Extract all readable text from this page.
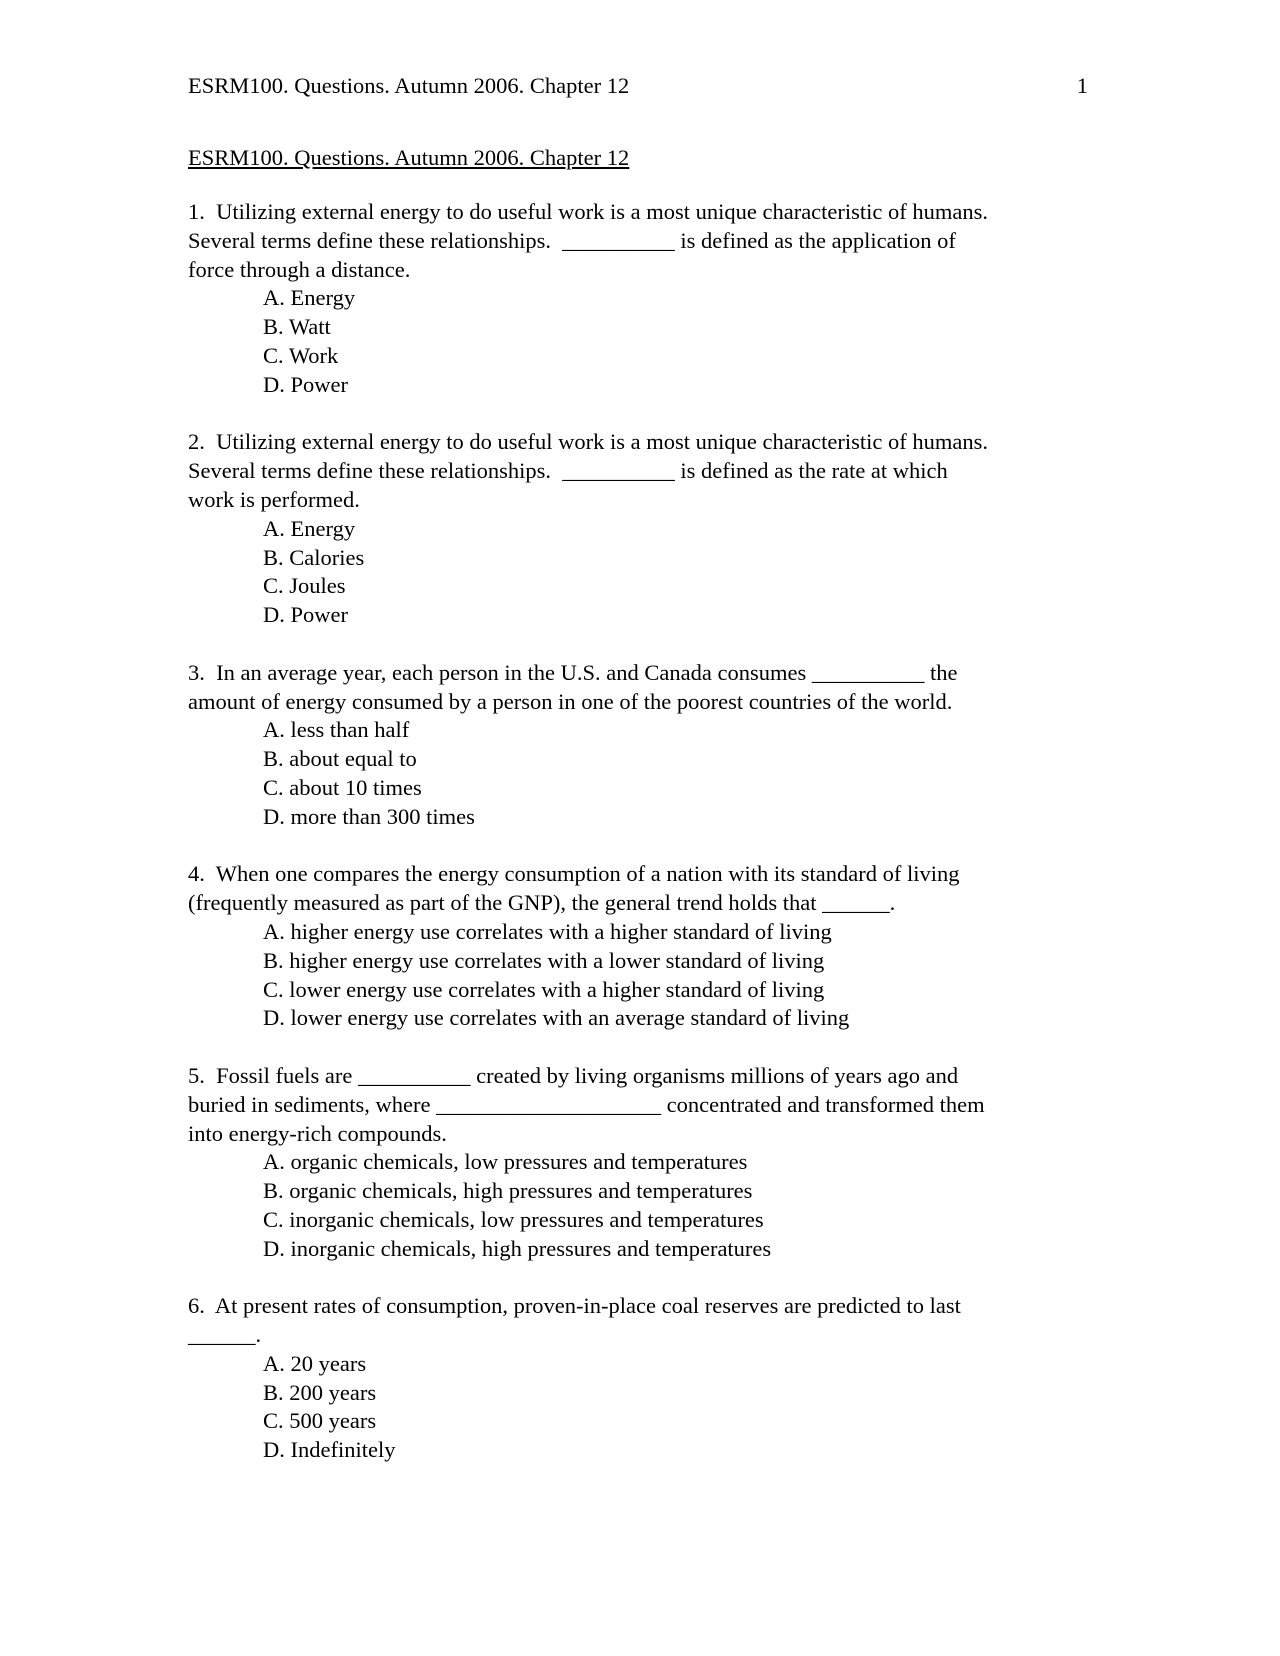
ESRM100. Questions. Autumn 2006. Chapter 12	1
ESRM100. Questions. Autumn 2006. Chapter 12
1.  Utilizing external energy to do useful work is a most unique characteristic of humans.
Several terms define these relationships.  __________ is defined as the application of
force through a distance.
A. Energy
B. Watt
C. Work
D. Power
2.  Utilizing external energy to do useful work is a most unique characteristic of humans.
Several terms define these relationships.  __________ is defined as the rate at which
work is performed.
A. Energy
B. Calories
C. Joules
D. Power
3.  In an average year, each person in the U.S. and Canada consumes __________ the
amount of energy consumed by a person in one of the poorest countries of the world.
A. less than half
B. about equal to
C. about 10 times
D. more than 300 times
4.  When one compares the energy consumption of a nation with its standard of living
(frequently measured as part of the GNP), the general trend holds that ______.
A. higher energy use correlates with a higher standard of living
B. higher energy use correlates with a lower standard of living
C. lower energy use correlates with a higher standard of living
D. lower energy use correlates with an average standard of living
5.  Fossil fuels are __________ created by living organisms millions of years ago and
buried in sediments, where ____________________ concentrated and transformed them
into energy-rich compounds.
A. organic chemicals, low pressures and temperatures
B. organic chemicals, high pressures and temperatures
C. inorganic chemicals, low pressures and temperatures
D. inorganic chemicals, high pressures and temperatures
6.  At present rates of consumption, proven-in-place coal reserves are predicted to last
______.
A. 20 years
B. 200 years
C. 500 years
D. Indefinitely
